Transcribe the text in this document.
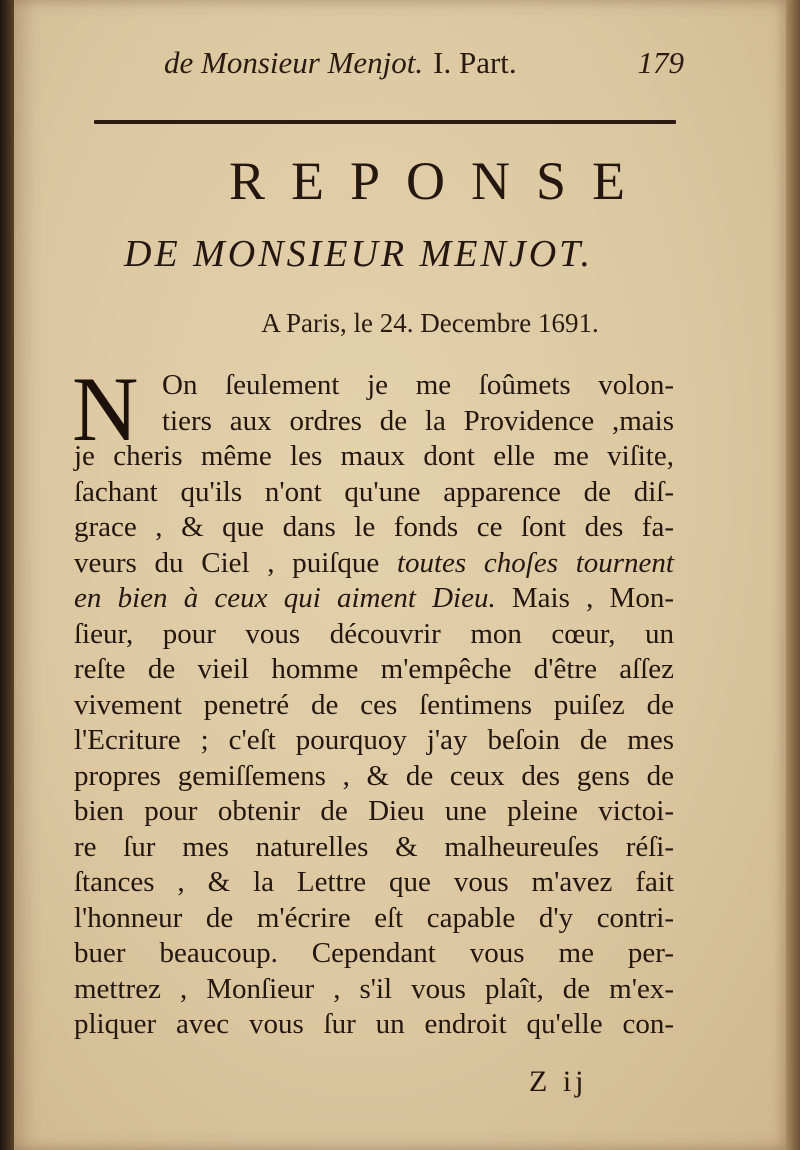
de Monsieur Menjot. I. Part.	179
REPONSE
DE MONSIEUR MENJOT.
A Paris, le 24. Decembre 1691.
N On ſeulement je me ſoûmets volon-
tiers aux ordres de la Providence ,mais
je cheris même les maux dont elle me viſite,
ſachant qu'ils n'ont qu'une apparence de diſ-
grace , & que dans le fonds ce ſont des fa-
veurs du Ciel , puiſque toutes choſes tournent
en bien à ceux qui aiment Dieu. Mais , Mon-
ſieur, pour vous découvrir mon cœur, un
reſte de vieil homme m'empêche d'être aſſez
vivement penetré de ces ſentimens puiſez de
l'Ecriture ; c'eſt pourquoy j'ay beſoin de mes
propres gemiſſemens , & de ceux des gens de
bien pour obtenir de Dieu une pleine victoi-
re ſur mes naturelles & malheureuſes réſi-
ſtances , & la Lettre que vous m'avez fait
l'honneur de m'écrire eſt capable d'y contri-
buer beaucoup. Cependant vous me per-
mettrez , Monſieur , s'il vous plaît, de m'ex-
pliquer avec vous ſur un endroit qu'elle con-
Z ij
